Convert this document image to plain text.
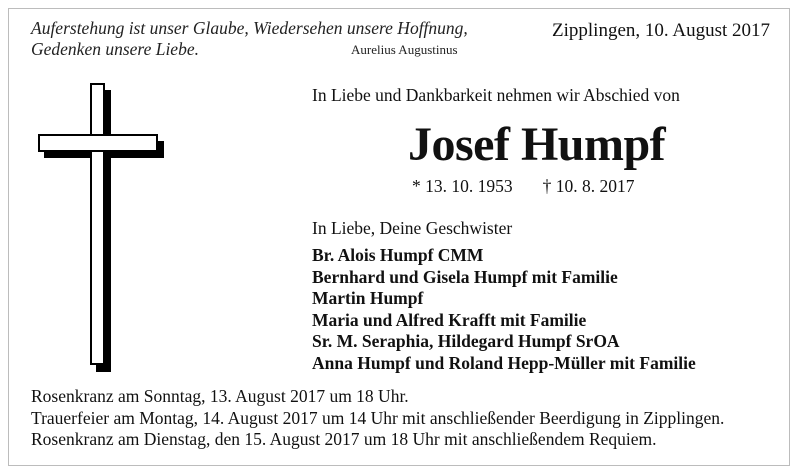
Auferstehung ist unser Glaube, Wiedersehen unsere Hoffnung,
Gedenken unsere Liebe.	Aurelius Augustinus
Zipplingen, 10. August 2017
In Liebe und Dankbarkeit nehmen wir Abschied von
Josef Humpf
* 13. 10. 1953 † 10. 8. 2017
In Liebe, Deine Geschwister
Br. Alois Humpf CMM
Bernhard und Gisela Humpf mit Familie
Martin Humpf
Maria und Alfred Krafft mit Familie
Sr. M. Seraphia, Hildegard Humpf SrOA
Anna Humpf und Roland Hepp-Müller mit Familie
Rosenkranz am Sonntag, 13. August 2017 um 18 Uhr.
Trauerfeier am Montag, 14. August 2017 um 14 Uhr mit anschließender Beerdigung in Zipplingen.
Rosenkranz am Dienstag, den 15. August 2017 um 18 Uhr mit anschließendem Requiem.
